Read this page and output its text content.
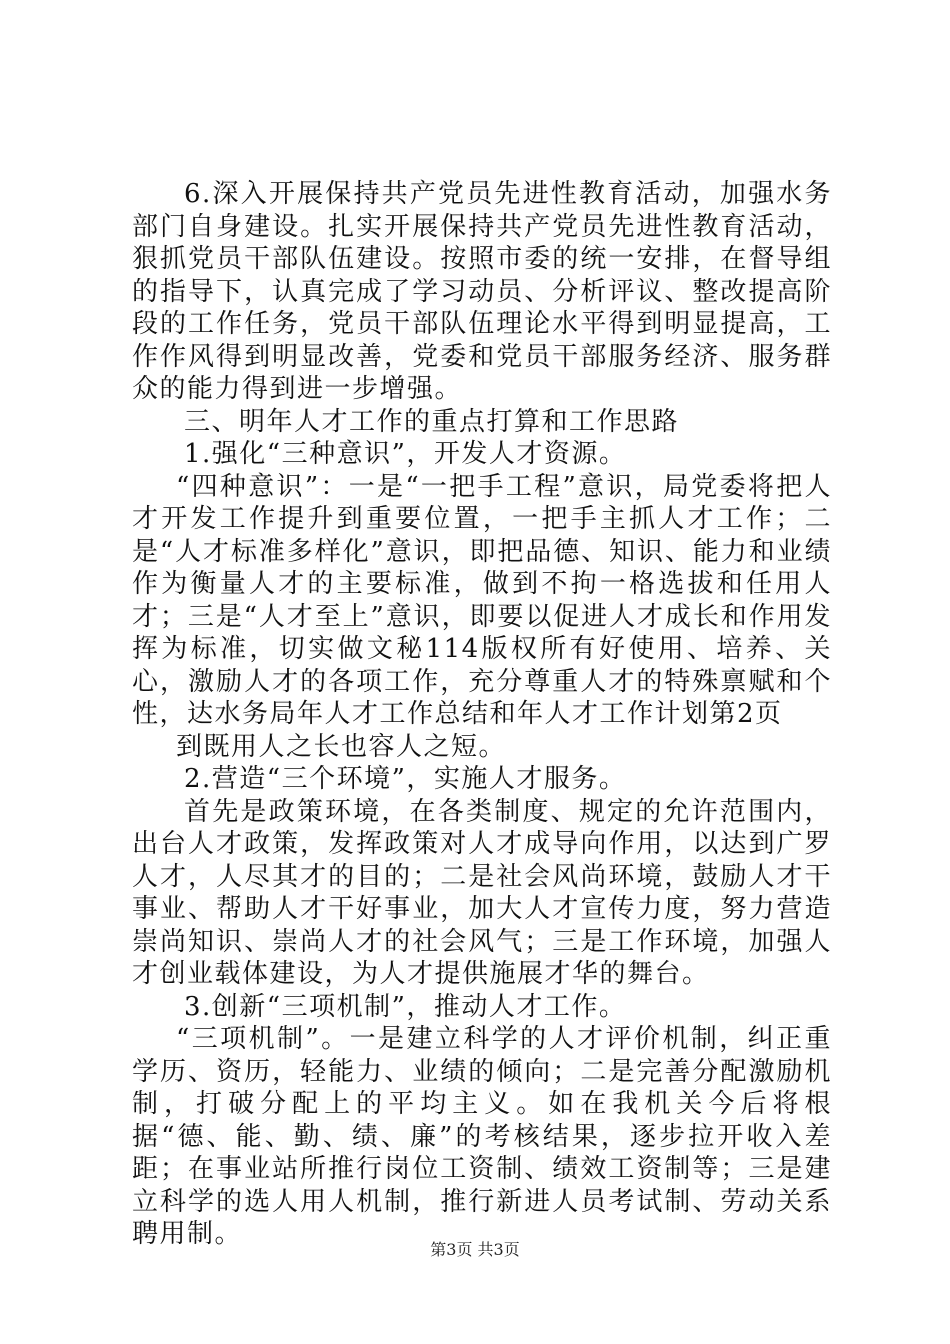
6.深入开展保持共产党员先进性教育活动，加强水务部门自身建设。扎实开展保持共产党员先进性教育活动，狠抓党员干部队伍建设。按照市委的统一安排，在督导组的指导下，认真完成了学习动员、分析评议、整改提高阶段的工作任务，党员干部队伍理论水平得到明显提高，工作作风得到明显改善，党委和党员干部服务经济、服务群众的能力得到进一步增强。

三、明年人才工作的重点打算和工作思路

1.强化“三种意识”，开发人才资源。

“四种意识”：一是“一把手工程”意识，局党委将把人才开发工作提升到重要位置，一把手主抓人才工作；二是“人才标准多样化”意识，即把品德、知识、能力和业绩作为衡量人才的主要标准，做到不拘一格选拔和任用人才；三是“人才至上”意识，即要以促进人才成长和作用发挥为标准，切实做文秘114版权所有好使用、培养、关心，激励人才的各项工作，充分尊重人才的特殊禀赋和个性，达水务局年人才工作总结和年人才工作计划第2页

到既用人之长也容人之短。

2.营造“三个环境”，实施人才服务。

首先是政策环境，在各类制度、规定的允许范围内，出台人才政策，发挥政策对人才成导向作用，以达到广罗人才，人尽其才的目的；二是社会风尚环境，鼓励人才干事业、帮助人才干好事业，加大人才宣传力度，努力营造崇尚知识、崇尚人才的社会风气；三是工作环境，加强人才创业载体建设，为人才提供施展才华的舞台。

3.创新“三项机制”，推动人才工作。

“三项机制”。一是建立科学的人才评价机制，纠正重学历、资历，轻能力、业绩的倾向；二是完善分配激励机制，打破分配上的平均主义。如在我机关今后将根据“德、能、勤、绩、廉”的考核结果，逐步拉开收入差距；在事业站所推行岗位工资制、绩效工资制等；三是建立科学的选人用人机制，推行新进人员考试制、劳动关系聘用制。

第3页 共3页
